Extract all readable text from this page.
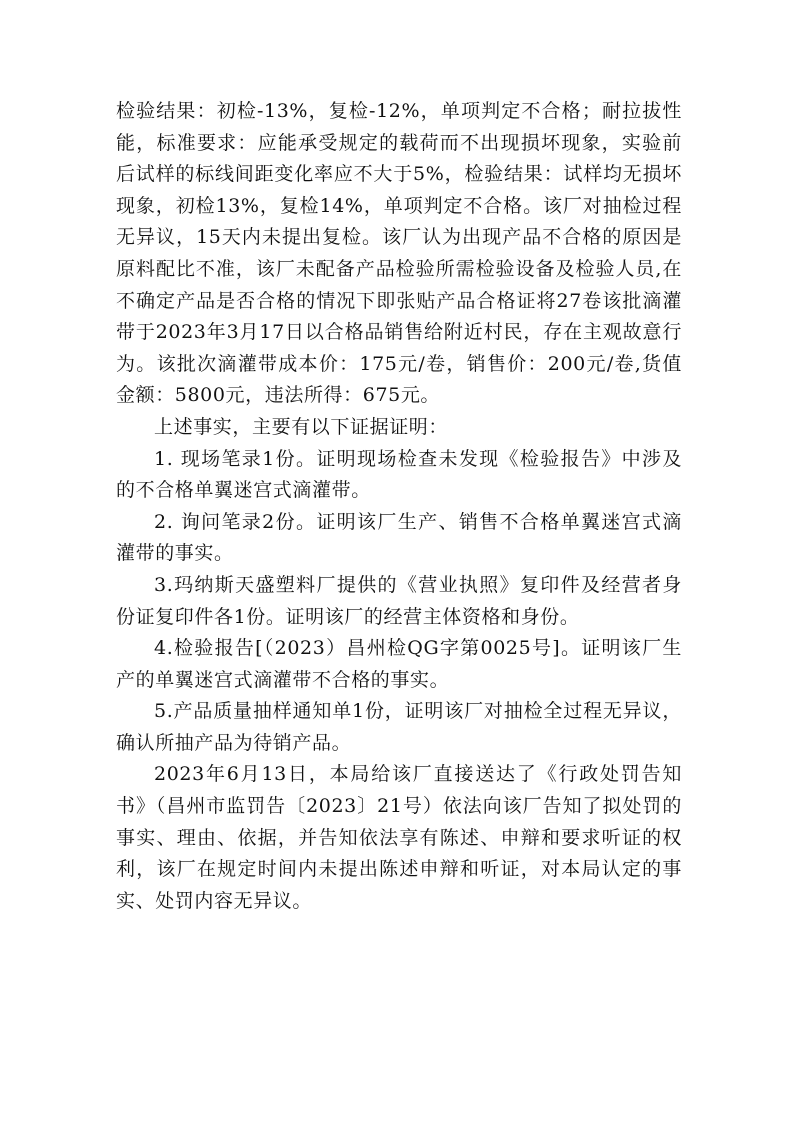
检验结果：初检-13%，复检-12%，单项判定不合格；耐拉拔性能，标准要求：应能承受规定的载荷而不出现损坏现象，实验前后试样的标线间距变化率应不大于5%，检验结果：试样均无损坏现象，初检13%，复检14%，单项判定不合格。该厂对抽检过程无异议，15天内未提出复检。该厂认为出现产品不合格的原因是原料配比不准，该厂未配备产品检验所需检验设备及检验人员,在不确定产品是否合格的情况下即张贴产品合格证将27卷该批滴灌带于2023年3月17日以合格品销售给附近村民，存在主观故意行为。该批次滴灌带成本价：175元/卷，销售价：200元/卷,货值金额：5800元，违法所得：675元。

上述事实，主要有以下证据证明：

1. 现场笔录1份。证明现场检查未发现《检验报告》中涉及的不合格单翼迷宫式滴灌带。

2. 询问笔录2份。证明该厂生产、销售不合格单翼迷宫式滴灌带的事实。

3.玛纳斯天盛塑料厂提供的《营业执照》复印件及经营者身份证复印件各1份。证明该厂的经营主体资格和身份。

4.检验报告[（2023）昌州检QG字第0025号]。证明该厂生产的单翼迷宫式滴灌带不合格的事实。

5.产品质量抽样通知单1份，证明该厂对抽检全过程无异议，确认所抽产品为待销产品。

2023年6月13日，本局给该厂直接送达了《行政处罚告知书》（昌州市监罚告〔2023〕21号）依法向该厂告知了拟处罚的事实、理由、依据，并告知依法享有陈述、申辩和要求听证的权利，该厂在规定时间内未提出陈述申辩和听证，对本局认定的事实、处罚内容无异议。
